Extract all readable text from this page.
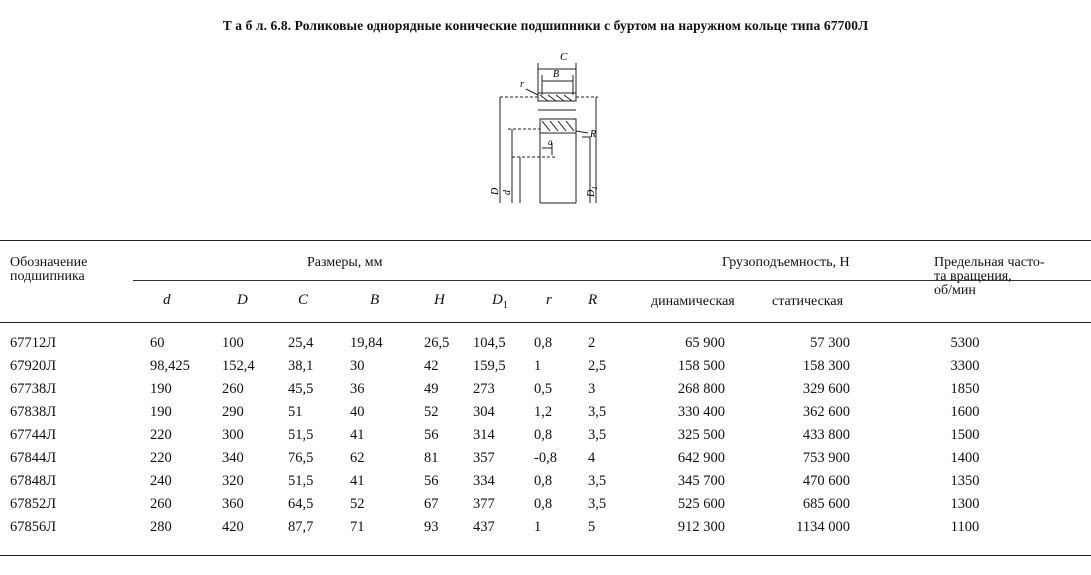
Т а б л. 6.8. Роликовые однорядные конические подшипники с буртом на наружном кольце типа 67700Л
C
B
r
R
a
D d	$D_1$
Обозначение
подшипника
Размеры, мм	Грузоподъемность, Н	Предельная часто-
та вращения,
об/мин
d	D	C	B	H	$D_1$	r R	динамическая	статическая
67712Л	60	100	25,4	19,84	26,5	104,5	0,8	2	65 900	57 300	5300
67920Л	98,425	152,4	38,1	30	42	159,5	1	2,5	158 500	158 300	3300
67738Л	190	260	45,5	36	49	273	0,5	3	268 800	329 600	1850
67838Л	190	290	51	40	52	304	1,2	3,5	330 400	362 600	1600
67744Л	220	300	51,5	41	56	314	0,8	3,5	325 500	433 800	1500
67844Л	220	340	76,5	62	81	357	-0,8	4	642 900	753 900	1400
67848Л	240	320	51,5	41	56	334	0,8	3,5	345 700	470 600	1350
67852Л	260	360	64,5	52	67	377	0,8	3,5	525 600	685 600	1300
67856Л	280	420	87,7	71	93	437	1	5	912 300	1134 000	1100
